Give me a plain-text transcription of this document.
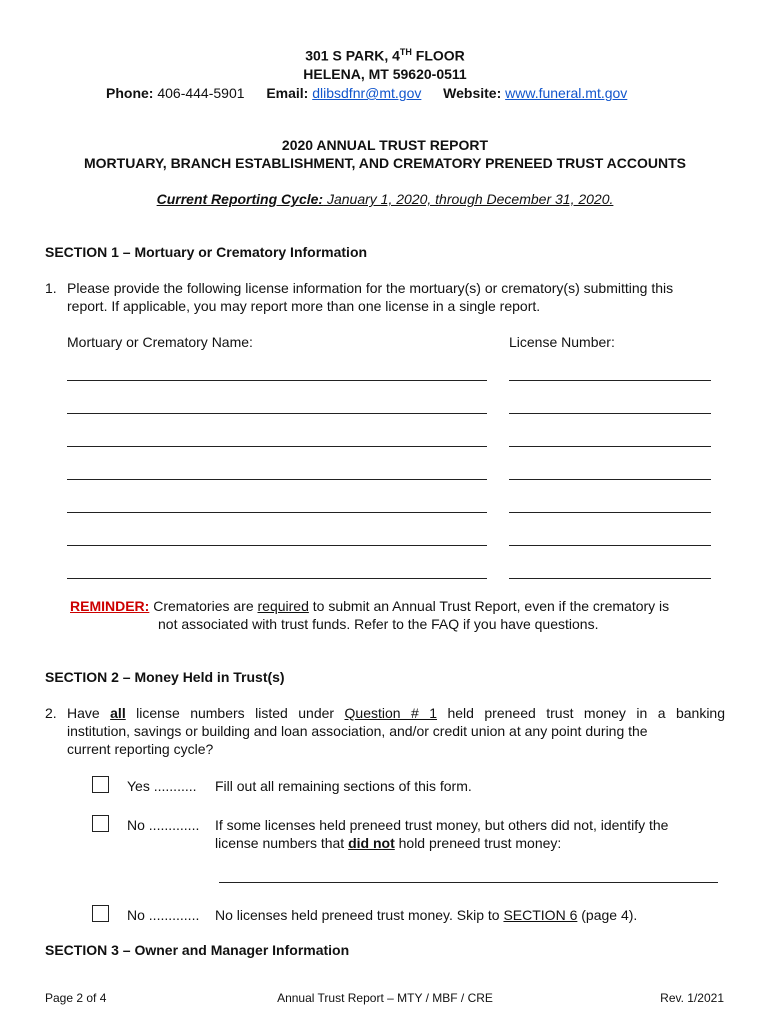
301 S PARK, 4TH FLOOR
HELENA, MT 59620-0511
Phone: 406-444-5901 Email: dlibsdfnr@mt.gov Website: www.funeral.mt.gov
2020 ANNUAL TRUST REPORT
MORTUARY, BRANCH ESTABLISHMENT, AND CREMATORY PRENEED TRUST ACCOUNTS
Current Reporting Cycle: January 1, 2020, through December 31, 2020.
SECTION 1 – Mortuary or Crematory Information
1. Please provide the following license information for the mortuary(s) or crematory(s) submitting this
report. If applicable, you may report more than one license in a single report.
Mortuary or Crematory Name:	License Number:
REMINDER: Crematories are required to submit an Annual Trust Report, even if the crematory is
not associated with trust funds. Refer to the FAQ if you have questions.
SECTION 2 – Money Held in Trust(s)
2. Have all license numbers listed under Question # 1 held preneed trust money in a banking
institution, savings or building and loan association, and/or credit union at any point during the
current reporting cycle?
Yes ........... Fill out all remaining sections of this form.
No ............. If some licenses held preneed trust money, but others did not, identify the
license numbers that did not hold preneed trust money:
No ............. No licenses held preneed trust money. Skip to SECTION 6 (page 4).
SECTION 3 – Owner and Manager Information
Page 2 of 4	Annual Trust Report – MTY / MBF / CRE	Rev. 1/2021
